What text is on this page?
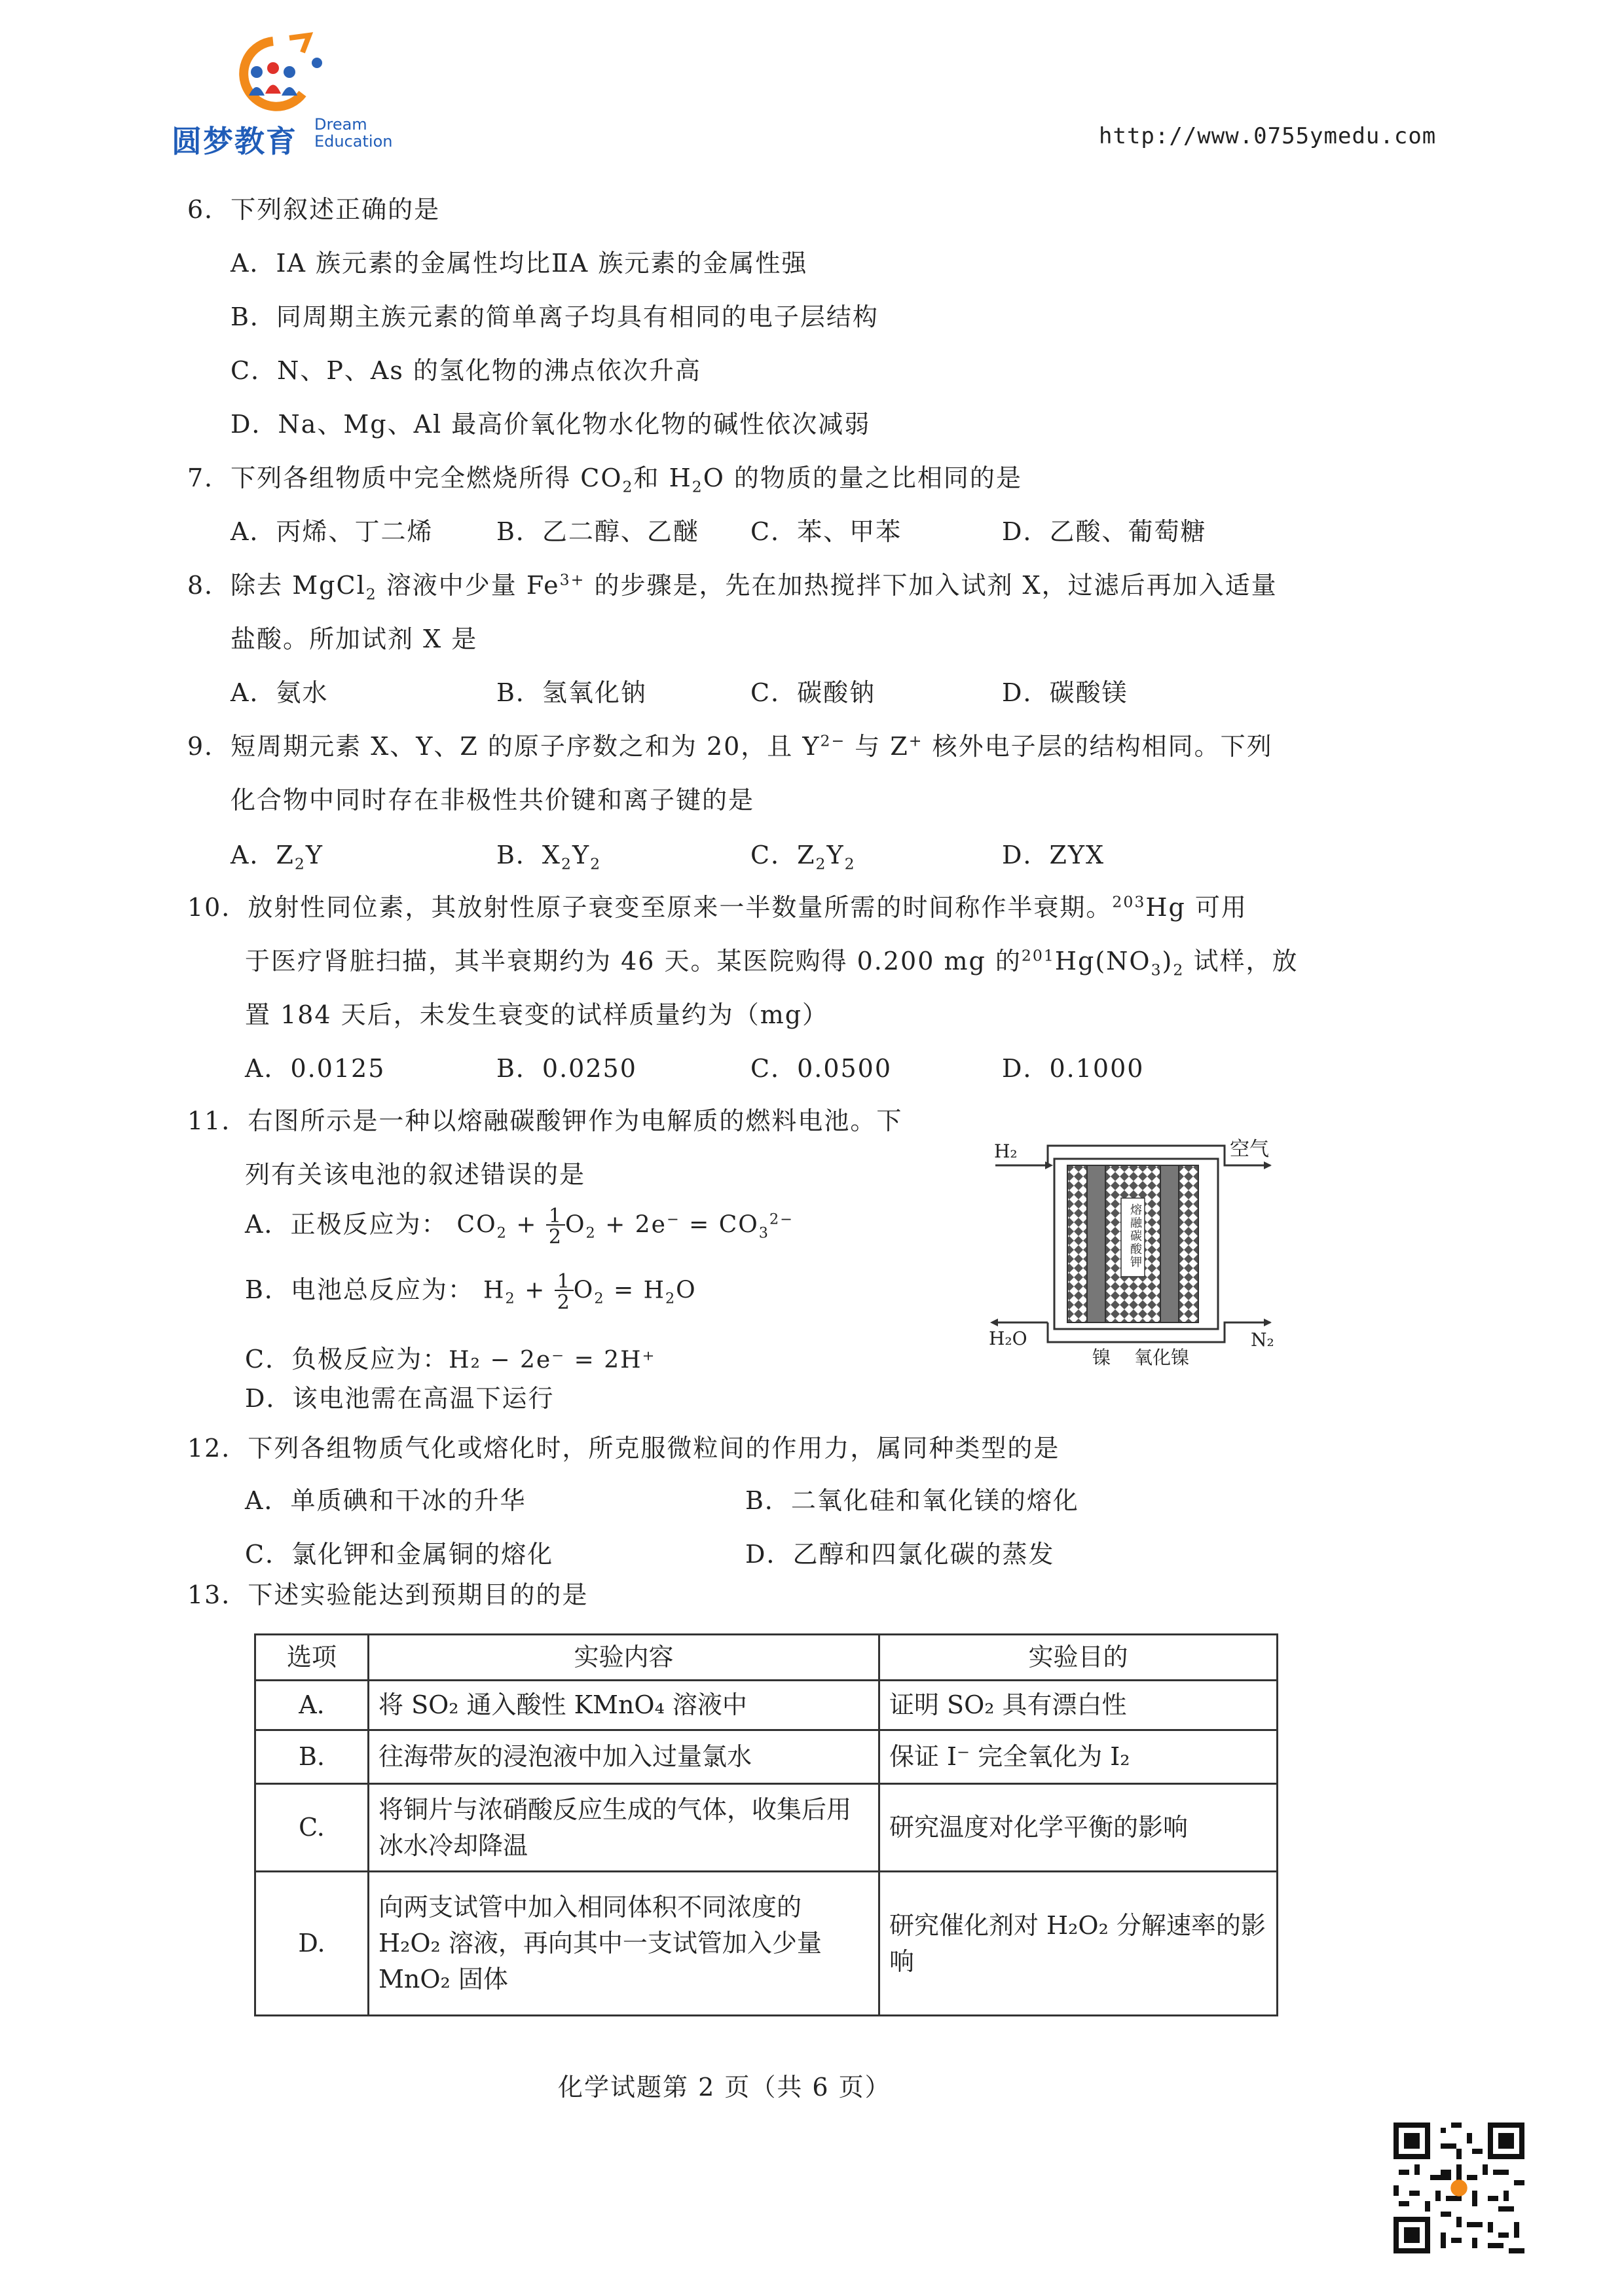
圆梦教育 Dream
Education	http://www.0755ymedu.com
6．下列叙述正确的是
A．ⅠA 族元素的金属性均比ⅡA 族元素的金属性强
B．同周期主族元素的简单离子均具有相同的电子层结构
C．N、P、As 的氢化物的沸点依次升高
D．Na、Mg、Al 最高价氧化物水化物的碱性依次减弱
7．下列各组物质中完全燃烧所得 $CO_2$和 $H_2O$ 的物质的量之比相同的是
A．丙烯、丁二烯	B．乙二醇、乙醚 C．苯、甲苯	D．乙酸、葡萄糖
8．除去 MgCl$_2$ 溶液中少量 $Fe^{3+}$ 的步骤是，先在加热搅拌下加入试剂 X，过滤后再加入适量
盐酸。所加试剂 X 是
A．氨水	B．氢氧化钠	C．碳酸钠	D．碳酸镁
9．短周期元素 X、Y、Z 的原子序数之和为 20，且 $Y^{2-}$ 与 Z+ 核外电子层的结构相同。下列
化合物中同时存在非极性共价键和离子键的是
A．$Z_2Y$	B．$X_2Y_2$	C．$Z_2Y_2$	D．ZYX
10．放射性同位素，其放射性原子衰变至原来一半数量所需的时间称作半衰期。$^{203}$Hg 可用
于医疗肾脏扫描，其半衰期约为 46 天。某医院购得 0.200 mg 的$^{201}Hg(NO_3)_2$ 试样，放
置 184 天后，未发生衰变的试样质量约为（mg）
A．0.0125	B．0.0250	C．0.0500	D．0.1000
11．右图所示是一种以熔融碳酸钾作为电解质的燃料电池。下
列有关该电池的叙述错误的是
A．正极反应为： $CO_2 + 1$
2 $O_2 + 2e^- = CO_3^{2-}$
B．电池总反应为： $H_2 + 1$
2 $O_2 = H_2O$
C．负极反应为：H₂ − 2e⁻ = 2H⁺
D．该电池需在高温下运行
H₂	空气
H₂O	N₂
熔融碳酸钾
镍 氧化镍
12．下列各组物质气化或熔化时，所克服微粒间的作用力，属同种类型的是
A．单质碘和干冰的升华	B．二氧化硅和氧化镁的熔化
C．氯化钾和金属铜的熔化	D．乙醇和四氯化碳的蒸发
13．下述实验能达到预期目的的是
选项	实验内容	实验目的
A.	将 SO₂ 通入酸性 KMnO₄ 溶液中	证明 SO₂ 具有漂白性
B.	往海带灰的浸泡液中加入过量氯水	保证 I⁻ 完全氧化为 I₂
C.	将铜片与浓硝酸反应生成的气体，收集后用冰水冷却降温	研究温度对化学平衡的影响
D.	向两支试管中加入相同体积不同浓度的 H₂O₂ 溶液，再向其中一支试管加入少量 MnO₂ 固体	研究催化剂对 H₂O₂ 分解速率的影响
化学试题第 2 页（共 6 页）
